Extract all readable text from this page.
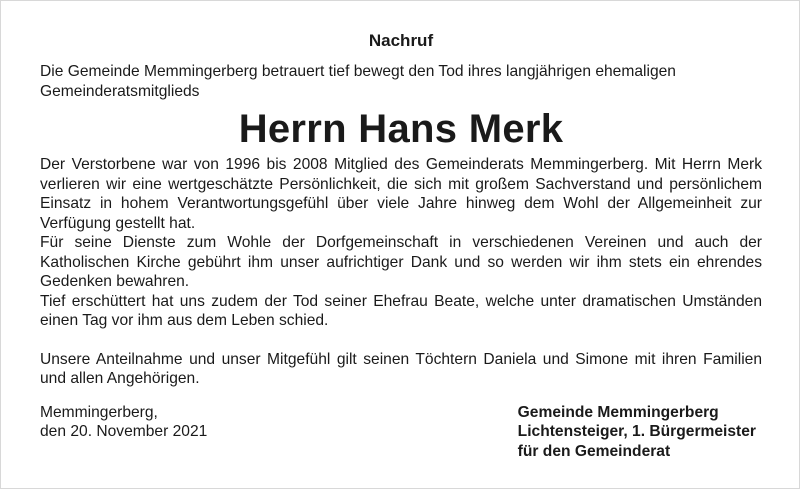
Nachruf

Die Gemeinde Memmingerberg betrauert tief bewegt den Tod ihres langjährigen ehemaligen Gemeinderatsmitglieds

Herrn Hans Merk

Der Verstorbene war von 1996 bis 2008 Mitglied des Gemeinderats Memmingerberg. Mit Herrn Merk verlieren wir eine wertgeschätzte Persönlichkeit, die sich mit großem Sachverstand und persönlichem Einsatz in hohem Verantwortungsgefühl über viele Jahre hinweg dem Wohl der Allgemeinheit zur Verfügung gestellt hat.

Für seine Dienste zum Wohle der Dorfgemeinschaft in verschiedenen Vereinen und auch der Katholischen Kirche gebührt ihm unser aufrichtiger Dank und so werden wir ihm stets ein ehrendes Gedenken bewahren.

Tief erschüttert hat uns zudem der Tod seiner Ehefrau Beate, welche unter dramatischen Umständen einen Tag vor ihm aus dem Leben schied.

Unsere Anteilnahme und unser Mitgefühl gilt seinen Töchtern Daniela und Simone mit ihren Familien und allen Angehörigen.

Memmingerberg,

den 20. November 2021

Gemeinde Memmingerberg

Lichtensteiger, 1. Bürgermeister

für den Gemeinderat
